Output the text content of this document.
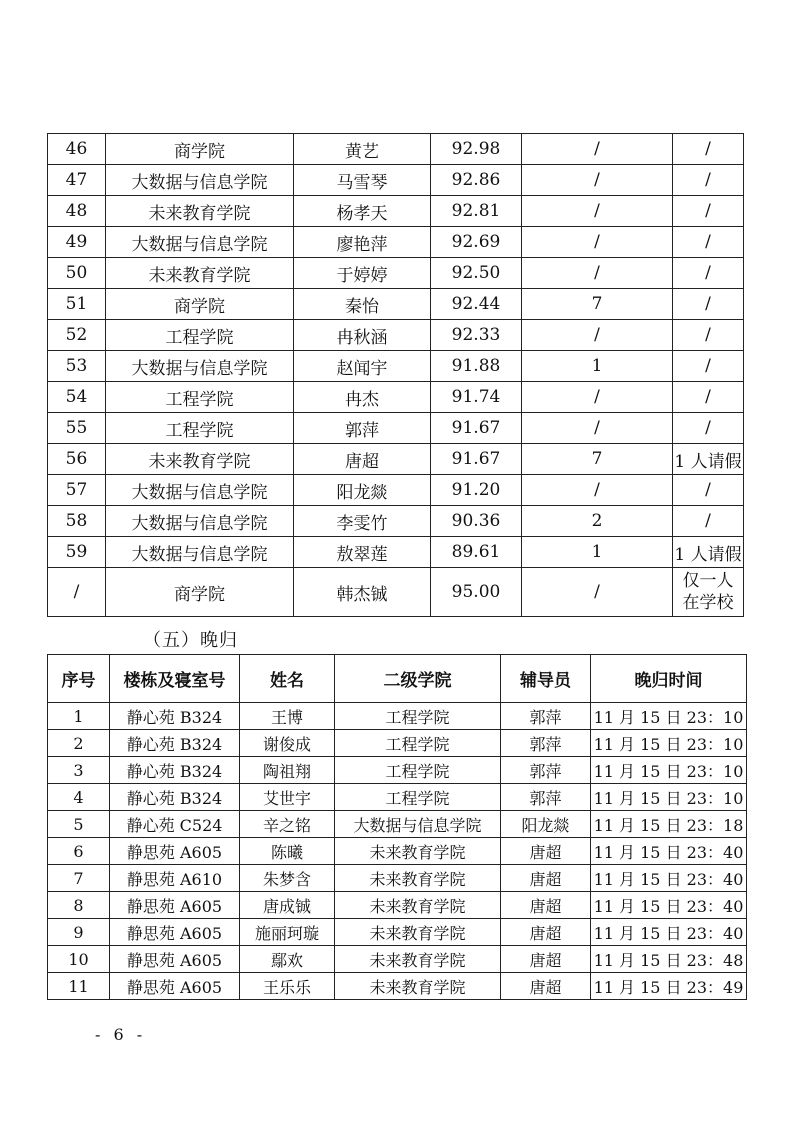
46	商学院	黄艺	92.98	/	/
47	大数据与信息学院	马雪琴	92.86	/	/
48	未来教育学院	杨孝天	92.81	/	/
49	大数据与信息学院	廖艳萍	92.69	/	/
50	未来教育学院	于婷婷	92.50	/	/
51	商学院	秦怡	92.44	7	/
52	工程学院	冉秋涵	92.33	/	/
53	大数据与信息学院	赵闻宇	91.88	1	/
54	工程学院	冉杰	91.74	/	/
55	工程学院	郭萍	91.67	/	/
56	未来教育学院	唐超	91.67	7	1 人请假
57	大数据与信息学院	阳龙燚	91.20	/	/
58	大数据与信息学院	李雯竹	90.36	2	/
59	大数据与信息学院	敖翠莲	89.61	1	1 人请假
/	商学院	韩杰铖	95.00	/	仅一人
在学校
（五）晚归
序号	楼栋及寝室号	姓名	二级学院	辅导员	晚归时间
1	静心苑 B324	王博	工程学院	郭萍	11 月 15 日 23：10
2	静心苑 B324	谢俊成	工程学院	郭萍	11 月 15 日 23：10
3	静心苑 B324	陶祖翔	工程学院	郭萍	11 月 15 日 23：10
4	静心苑 B324	艾世宇	工程学院	郭萍	11 月 15 日 23：10
5	静心苑 C524	辛之铭	大数据与信息学院	阳龙燚	11 月 15 日 23：18
6	静思苑 A605	陈曦	未来教育学院	唐超	11 月 15 日 23：40
7	静思苑 A610	朱梦含	未来教育学院	唐超	11 月 15 日 23：40
8	静思苑 A605	唐成铖	未来教育学院	唐超	11 月 15 日 23：40
9	静思苑 A605	施丽珂璇	未来教育学院	唐超	11 月 15 日 23：40
10	静思苑 A605	鄢欢	未来教育学院	唐超	11 月 15 日 23：48
11	静思苑 A605	王乐乐	未来教育学院	唐超	11 月 15 日 23：49
- 6 -
